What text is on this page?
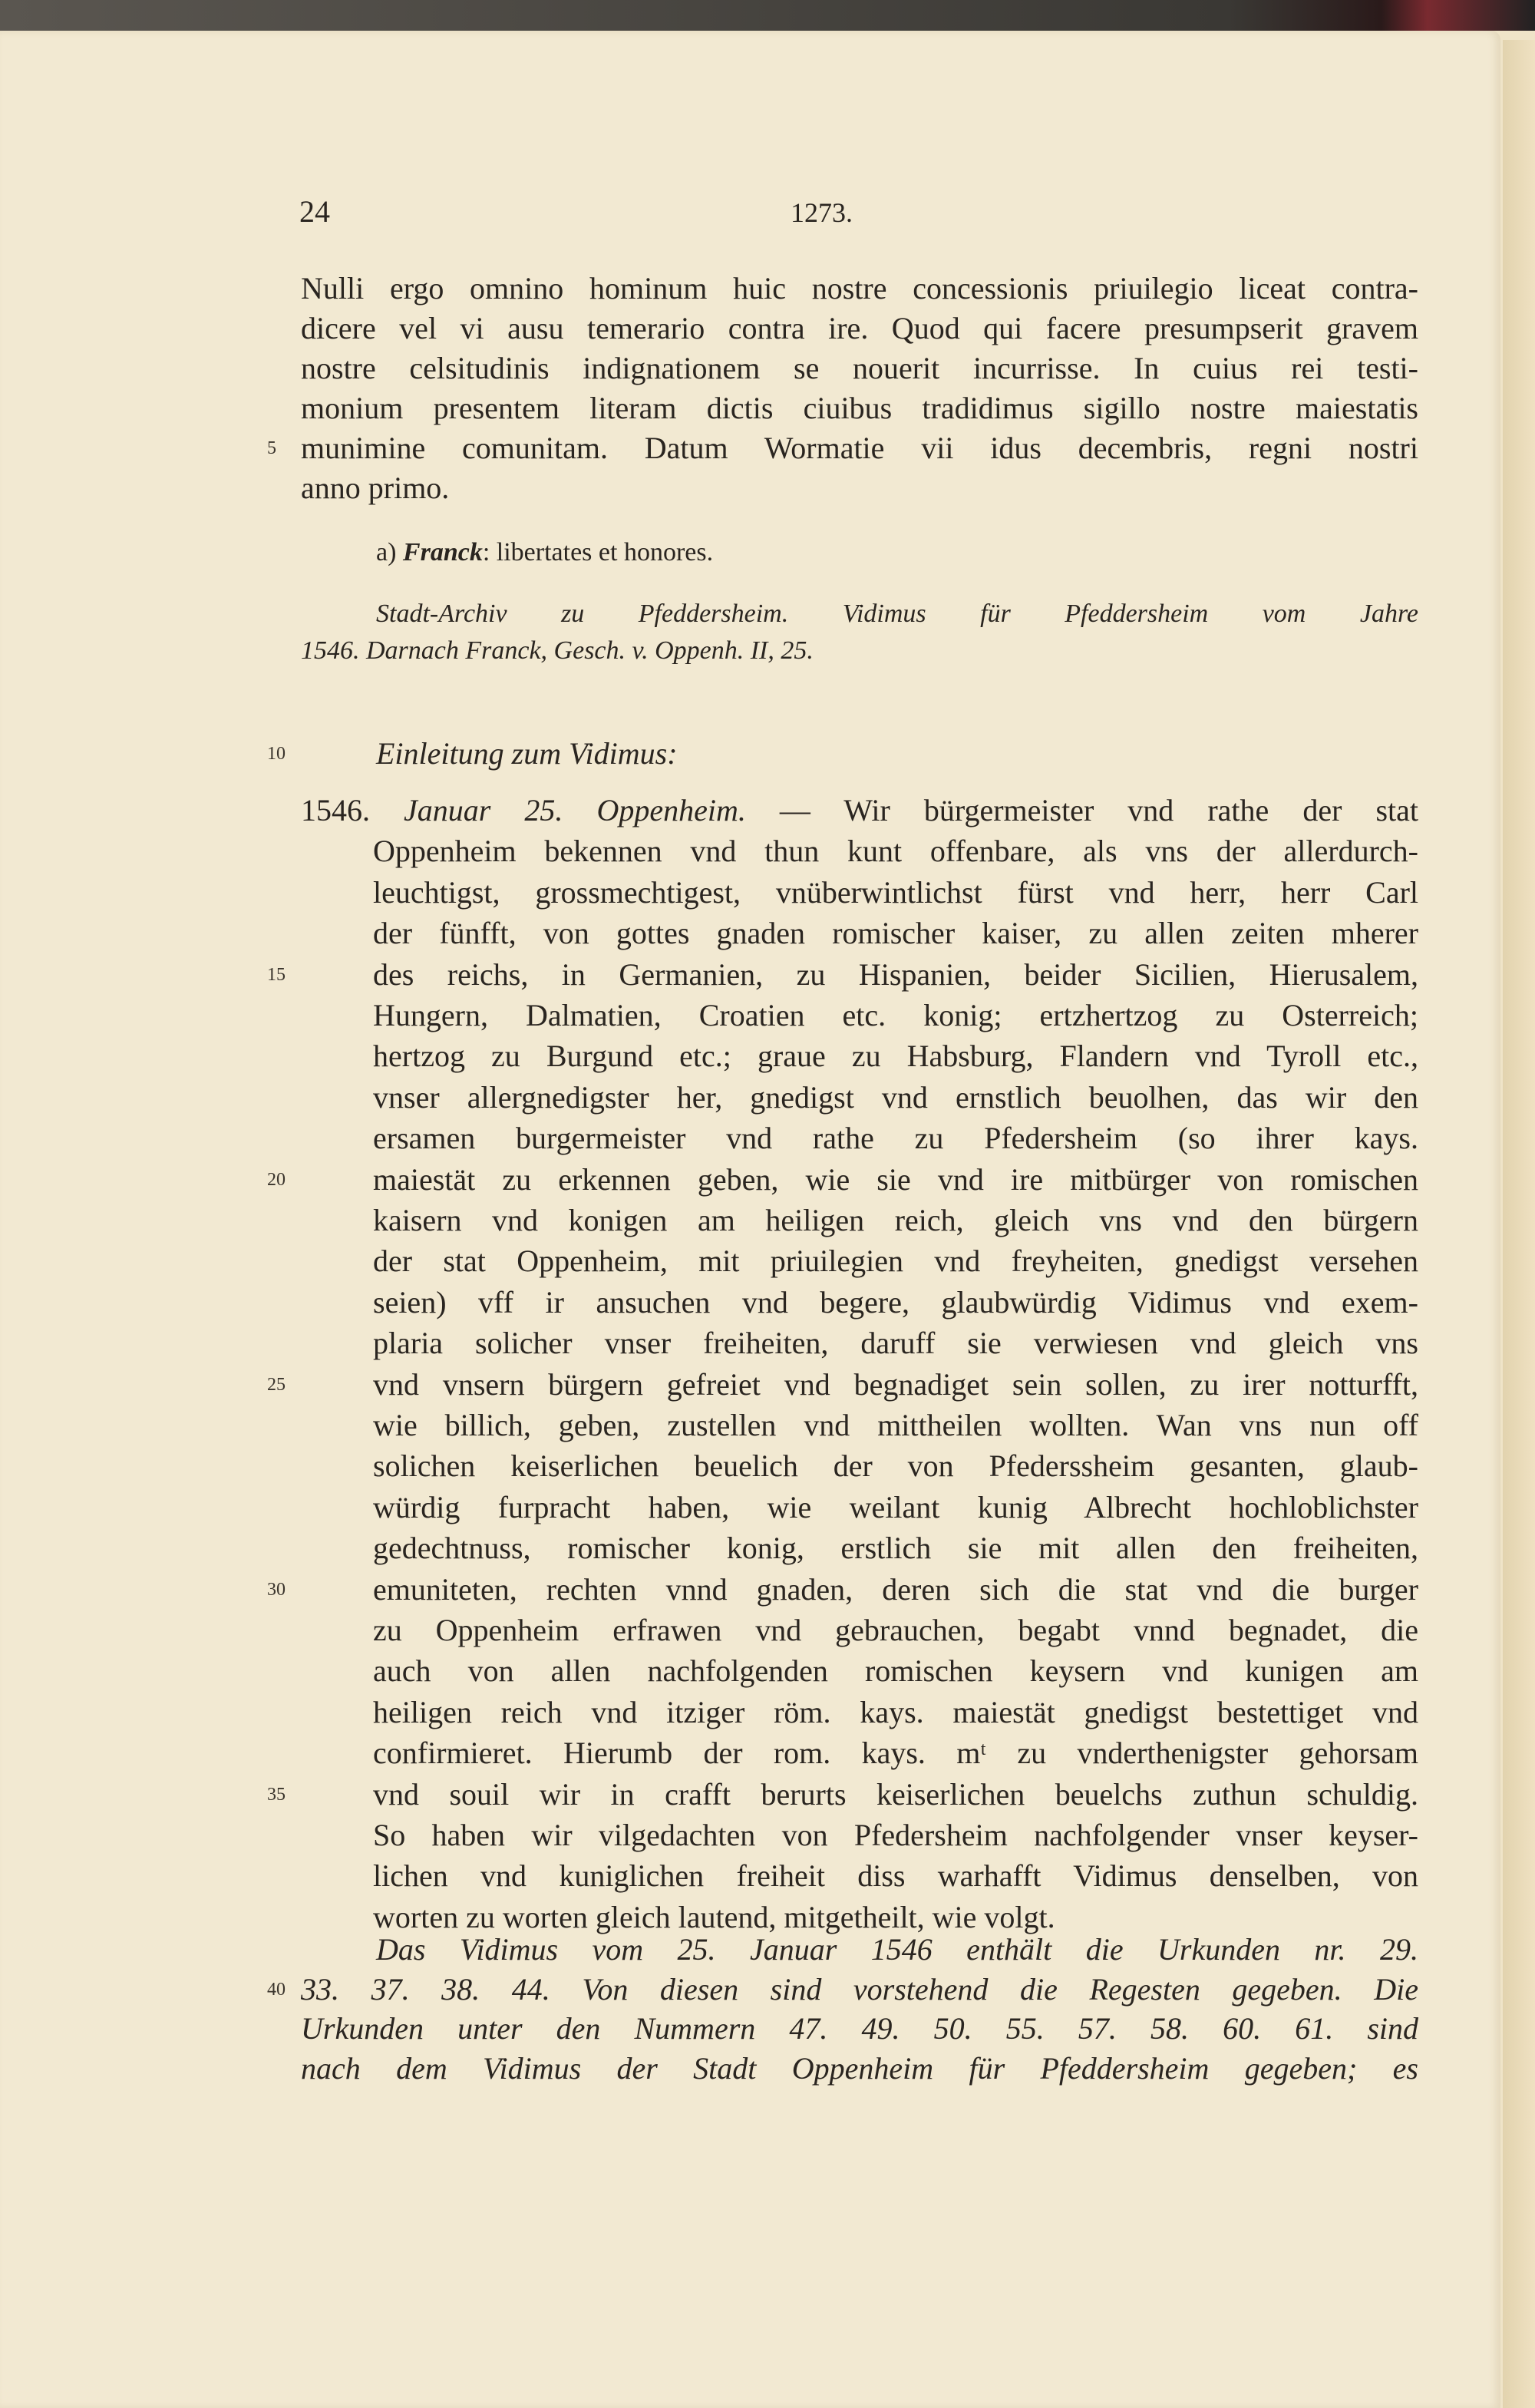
24	1273.
Nulli ergo omnino hominum huic nostre concessionis priuilegio liceat contra-
dicere vel vi ausu temerario contra ire. Quod qui facere presumpserit gravem
nostre celsitudinis indignationem se nouerit incurrisse. In cuius rei testi-
monium presentem literam dictis ciuibus tradidimus sigillo nostre maiestatis
munimine comunitam. Datum Wormatie vii idus decembris, regni nostri
anno primo.
5
a) Franck: libertates et honores.
Stadt-Archiv zu Pfeddersheim. Vidimus für Pfeddersheim vom Jahre
1546. Darnach Franck, Gesch. v. Oppenh. II, 25.
Einleitung zum Vidimus:
10
1546. Januar 25. Oppenheim. — Wir bürgermeister vnd rathe der stat
Oppenheim bekennen vnd thun kunt offenbare, als vns der allerdurch-
leuchtigst, grossmechtigest, vnüberwintlichst fürst vnd herr, herr Carl
der fünfft, von gottes gnaden romischer kaiser, zu allen zeiten mherer
des reichs, in Germanien, zu Hispanien, beider Sicilien, Hierusalem,
Hungern, Dalmatien, Croatien etc. konig; ertzhertzog zu Osterreich;
hertzog zu Burgund etc.; graue zu Habsburg, Flandern vnd Tyroll etc.,
vnser allergnedigster her, gnedigst vnd ernstlich beuolhen, das wir den
ersamen burgermeister vnd rathe zu Pfedersheim (so ihrer kays.
maiestät zu erkennen geben, wie sie vnd ire mitbürger von romischen
kaisern vnd konigen am heiligen reich, gleich vns vnd den bürgern
der stat Oppenheim, mit priuilegien vnd freyheiten, gnedigst versehen
seien) vff ir ansuchen vnd begere, glaubwürdig Vidimus vnd exem-
plaria solicher vnser freiheiten, daruff sie verwiesen vnd gleich vns
vnd vnsern bürgern gefreiet vnd begnadiget sein sollen, zu irer notturfft,
wie billich, geben, zustellen vnd mittheilen wollten. Wan vns nun off
solichen keiserlichen beuelich der von Pfederssheim gesanten, glaub-
würdig furpracht haben, wie weilant kunig Albrecht hochloblichster
gedechtnuss, romischer konig, erstlich sie mit allen den freiheiten,
emuniteten, rechten vnnd gnaden, deren sich die stat vnd die burger
zu Oppenheim erfrawen vnd gebrauchen, begabt vnnd begnadet, die
auch von allen nachfolgenden romischen keysern vnd kunigen am
heiligen reich vnd itziger röm. kays. maiestät gnedigst bestettiget vnd
confirmieret. Hierumb der rom. kays. mᵗ zu vnderthenigster gehorsam
vnd souil wir in crafft berurts keiserlichen beuelchs zuthun schuldig.
So haben wir vilgedachten von Pfedersheim nachfolgender vnser keyser-
lichen vnd kuniglichen freiheit diss warhafft Vidimus denselben, von
worten zu worten gleich lautend, mitgetheilt, wie volgt.
15
20
25
30
35
Das Vidimus vom 25. Januar 1546 enthält die Urkunden nr. 29.
33. 37. 38. 44. Von diesen sind vorstehend die Regesten gegeben. Die
Urkunden unter den Nummern 47. 49. 50. 55. 57. 58. 60. 61. sind
nach dem Vidimus der Stadt Oppenheim für Pfeddersheim gegeben; es
40
